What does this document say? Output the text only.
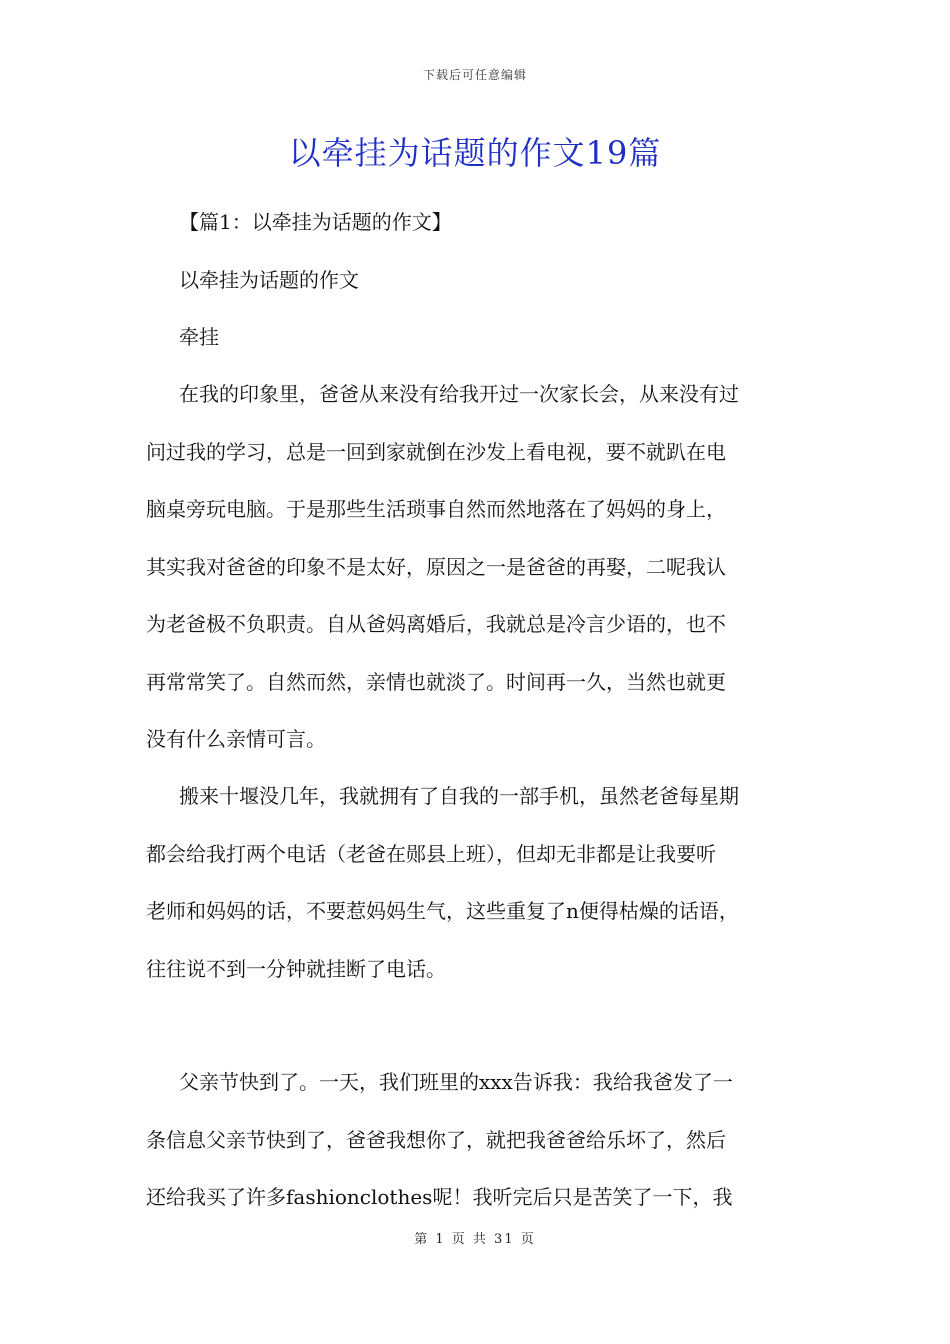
下载后可任意编辑
以牵挂为话题的作文19篇
【篇1：以牵挂为话题的作文】
以牵挂为话题的作文
牵挂
在我的印象里，爸爸从来没有给我开过一次家长会，从来没有过
问过我的学习，总是一回到家就倒在沙发上看电视，要不就趴在电
脑桌旁玩电脑。于是那些生活琐事自然而然地落在了妈妈的身上，
其实我对爸爸的印象不是太好，原因之一是爸爸的再娶，二呢我认
为老爸极不负职责。自从爸妈离婚后，我就总是冷言少语的，也不
再常常笑了。自然而然，亲情也就淡了。时间再一久，当然也就更
没有什么亲情可言。
搬来十堰没几年，我就拥有了自我的一部手机，虽然老爸每星期
都会给我打两个电话（老爸在郧县上班），但却无非都是让我要听
老师和妈妈的话，不要惹妈妈生气，这些重复了n便得枯燥的话语，
往往说不到一分钟就挂断了电话。
父亲节快到了。一天，我们班里的xxx告诉我：我给我爸发了一
条信息父亲节快到了，爸爸我想你了，就把我爸爸给乐坏了，然后
还给我买了许多fashionclothes呢！我听完后只是苦笑了一下，我
第 1 页 共 31 页
